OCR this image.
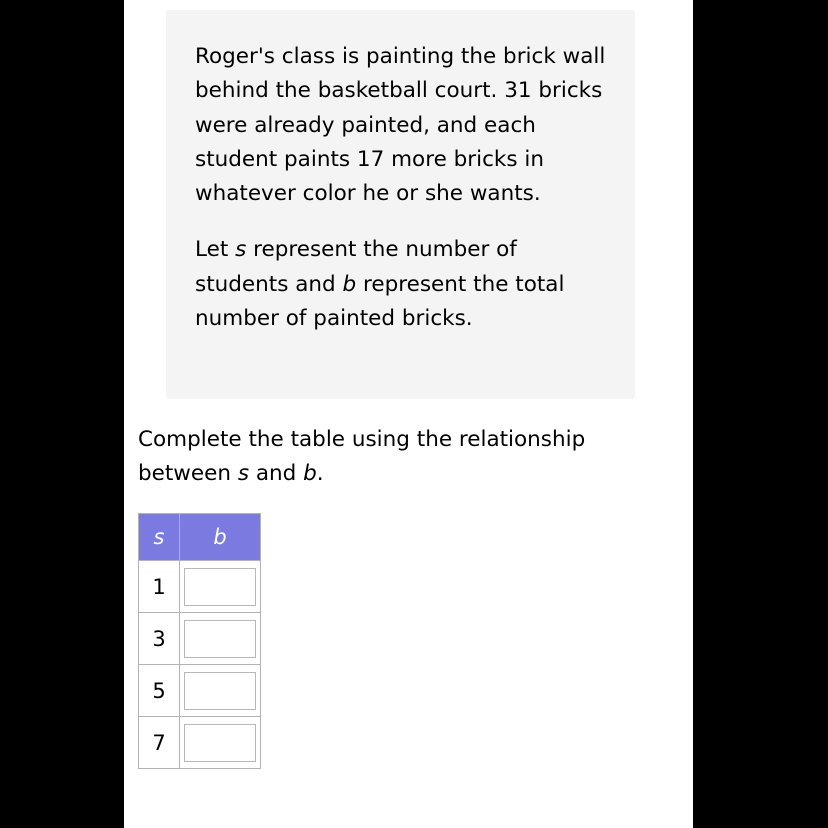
Roger's class is painting the brick wall behind the basketball court. 31 bricks were already painted, and each student paints 17 more bricks in whatever color he or she wants.

Let s represent the number of students and b represent the total number of painted bricks.

Complete the table using the relationship between s and b.

s	b
1	

3	

5	

7	
